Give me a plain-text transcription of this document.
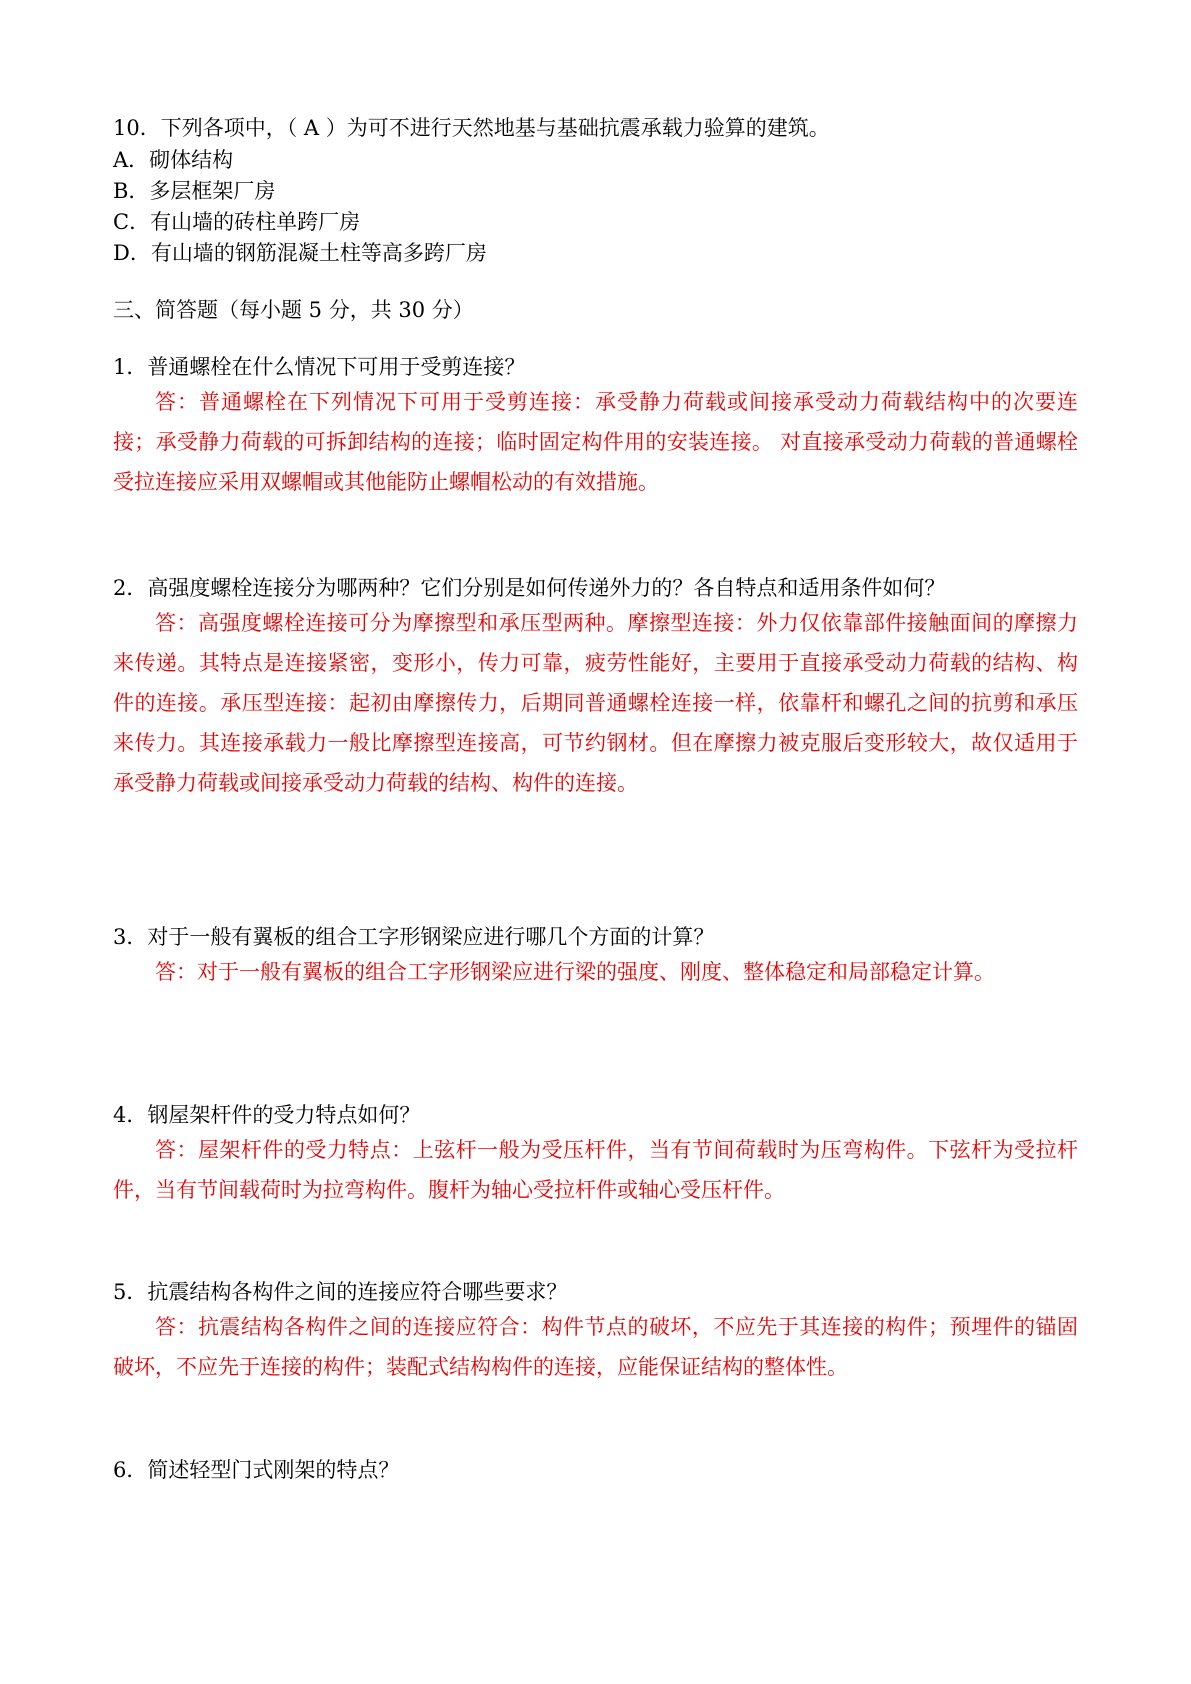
10．下列各项中，（ A ）为可不进行天然地基与基础抗震承载力验算的建筑。
A．砌体结构
B．多层框架厂房
C．有山墙的砖柱单跨厂房
D．有山墙的钢筋混凝土柱等高多跨厂房
三、简答题（每小题 5 分，共 30 分）
1．普通螺栓在什么情况下可用于受剪连接？
答：普通螺栓在下列情况下可用于受剪连接：承受静力荷载或间接承受动力荷载结构中的次要连接；承受静力荷载的可拆卸结构的连接；临时固定构件用的安装连接。 对直接承受动力荷载的普通螺栓受拉连接应采用双螺帽或其他能防止螺帽松动的有效措施。
2．高强度螺栓连接分为哪两种？它们分别是如何传递外力的？各自特点和适用条件如何？
答：高强度螺栓连接可分为摩擦型和承压型两种。摩擦型连接：外力仅依靠部件接触面间的摩擦力来传递。其特点是连接紧密，变形小，传力可靠，疲劳性能好，主要用于直接承受动力荷载的结构、构件的连接。承压型连接：起初由摩擦传力，后期同普通螺栓连接一样，依靠杆和螺孔之间的抗剪和承压来传力。其连接承载力一般比摩擦型连接高，可节约钢材。但在摩擦力被克服后变形较大，故仅适用于承受静力荷载或间接承受动力荷载的结构、构件的连接。
3．对于一般有翼板的组合工字形钢梁应进行哪几个方面的计算？
答：对于一般有翼板的组合工字形钢梁应进行梁的强度、刚度、整体稳定和局部稳定计算。
4．钢屋架杆件的受力特点如何？
答：屋架杆件的受力特点：上弦杆一般为受压杆件，当有节间荷载时为压弯构件。下弦杆为受拉杆件，当有节间载荷时为拉弯构件。腹杆为轴心受拉杆件或轴心受压杆件。
5．抗震结构各构件之间的连接应符合哪些要求？
答：抗震结构各构件之间的连接应符合：构件节点的破坏，不应先于其连接的构件；预埋件的锚固破坏，不应先于连接的构件；装配式结构构件的连接，应能保证结构的整体性。
6．简述轻型门式刚架的特点？
